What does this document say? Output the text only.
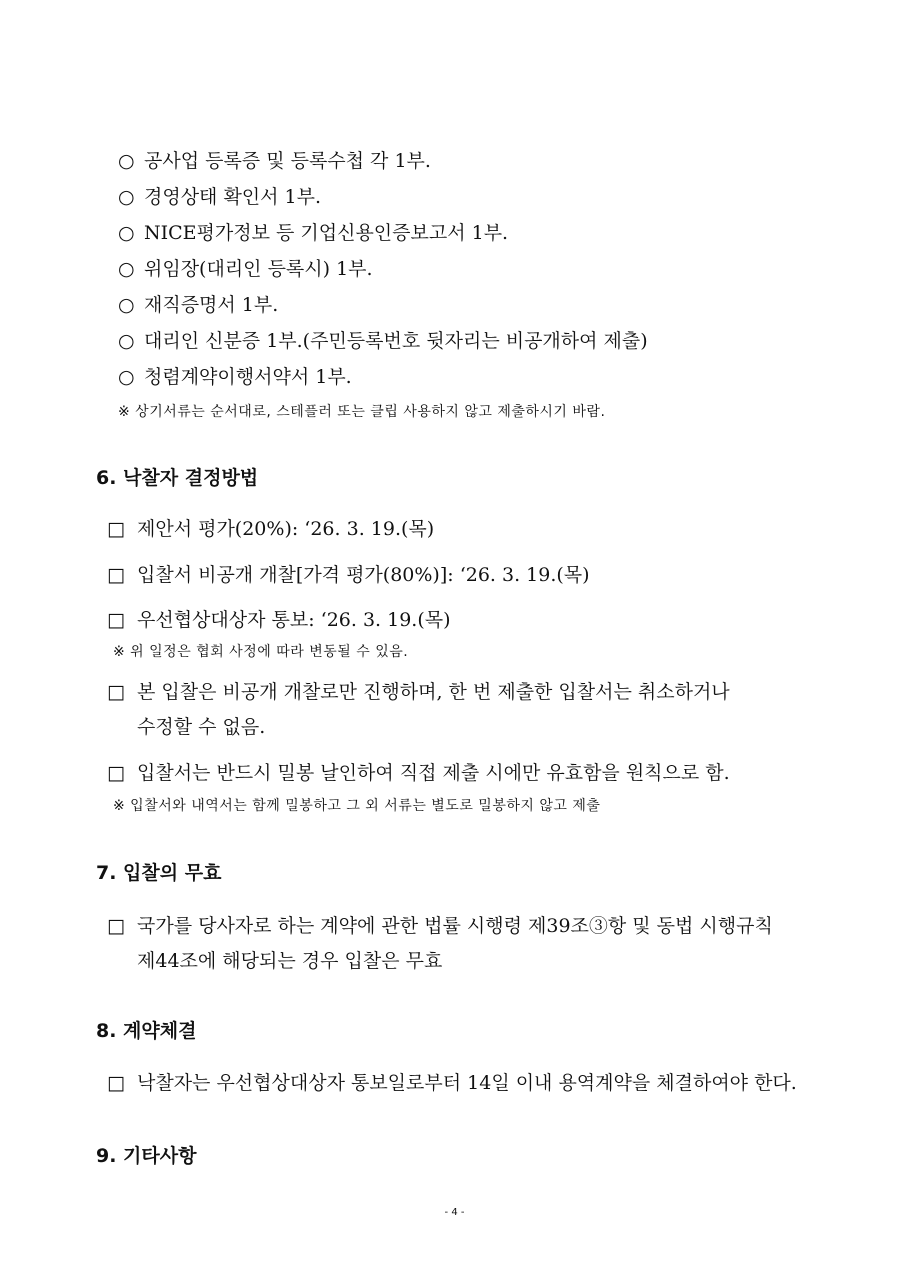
○ 공사업 등록증 및 등록수첩 각 1부.
○ 경영상태 확인서 1부.
○ NICE평가정보 등 기업신용인증보고서 1부.
○ 위임장(대리인 등록시) 1부.
○ 재직증명서 1부.
○ 대리인 신분증 1부.(주민등록번호 뒷자리는 비공개하여 제출)
○ 청렴계약이행서약서 1부.
※ 상기서류는 순서대로, 스테플러 또는 클립 사용하지 않고 제출하시기 바람.
6. 낙찰자 결정방법
□ 제안서 평가(20%): ‘26. 3. 19.(목)
□ 입찰서 비공개 개찰[가격 평가(80%)]: ‘26. 3. 19.(목)
□ 우선협상대상자 통보: ‘26. 3. 19.(목)
※ 위 일정은 협회 사정에 따라 변동될 수 있음.
□ 본 입찰은 비공개 개찰로만 진행하며, 한 번 제출한 입찰서는 취소하거나
수정할 수 없음.
□ 입찰서는 반드시 밀봉 날인하여 직접 제출 시에만 유효함을 원칙으로 함.
※ 입찰서와 내역서는 함께 밀봉하고 그 외 서류는 별도로 밀봉하지 않고 제출
7. 입찰의 무효
□ 국가를 당사자로 하는 계약에 관한 법률 시행령 제39조③항 및 동법 시행규칙
제44조에 해당되는 경우 입찰은 무효
8. 계약체결
□ 낙찰자는 우선협상대상자 통보일로부터 14일 이내 용역계약을 체결하여야 한다.
9. 기타사항
- 4 -
